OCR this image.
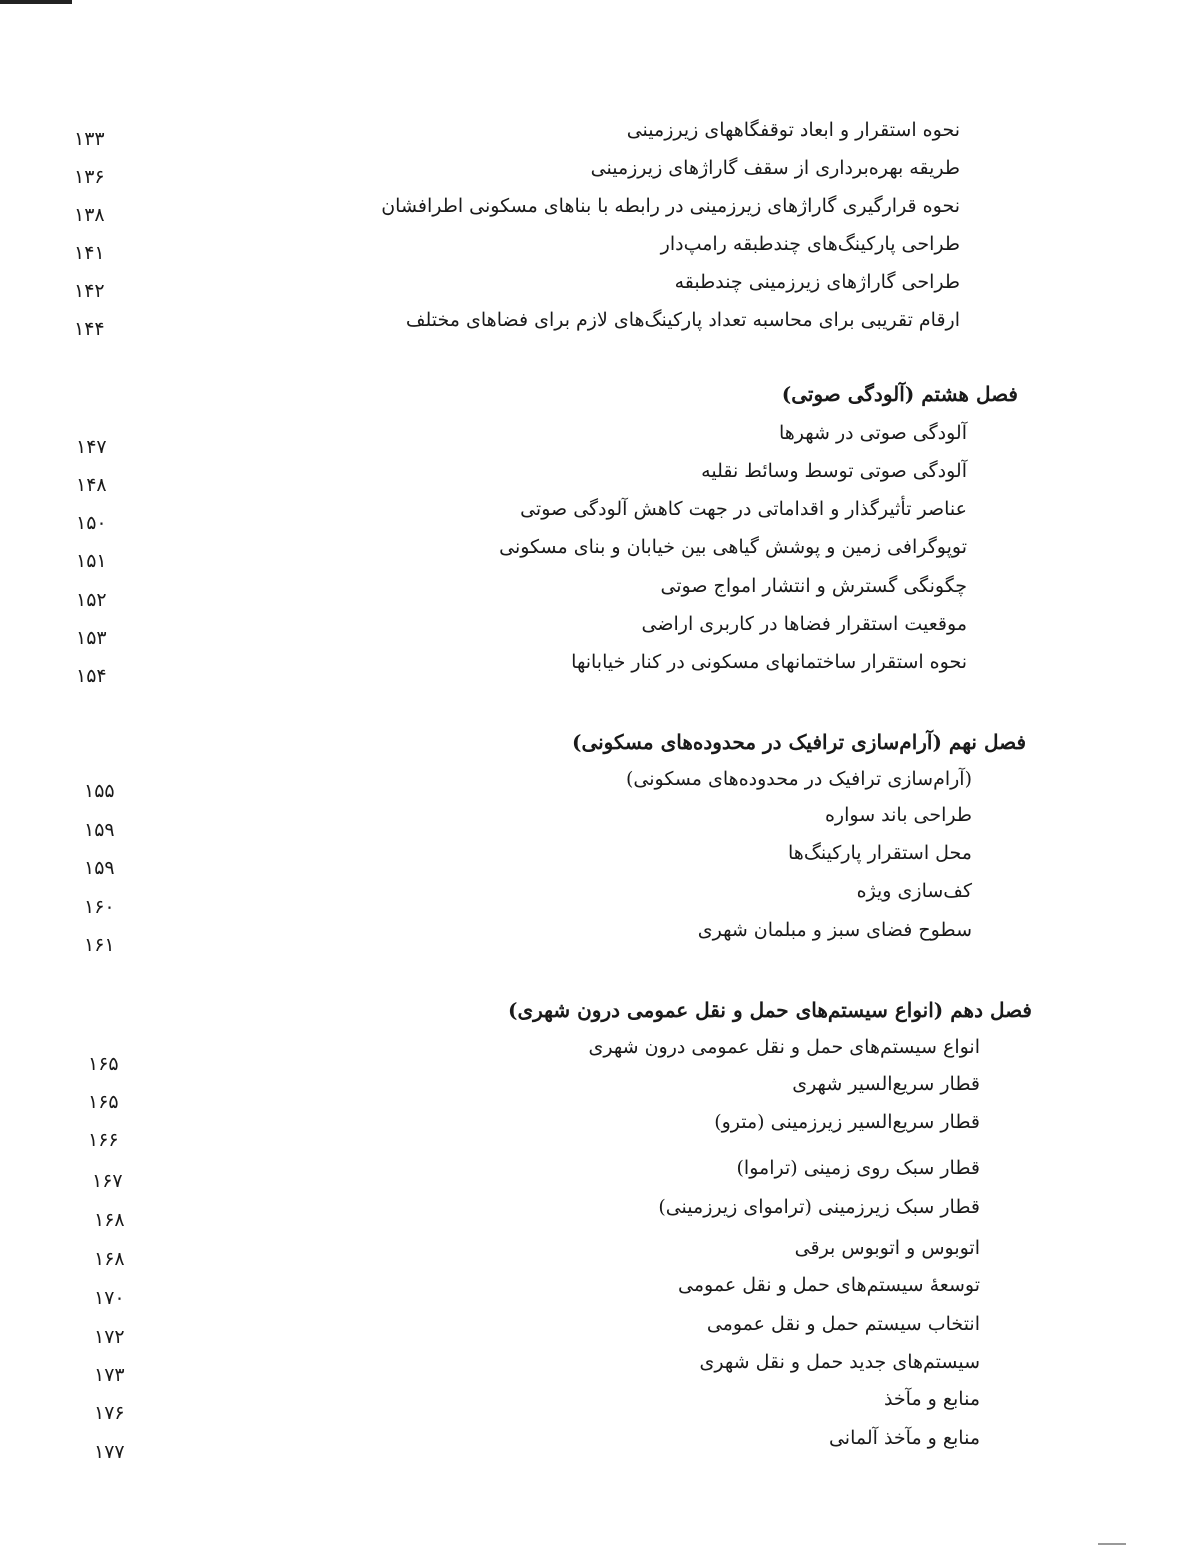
نحوه استقرار و ابعاد توقفگاههای زیرزمینی
۱۳۳
طریقه بهره‌برداری از سقف گاراژهای زیرزمینی
۱۳۶
نحوه قرارگیری گاراژهای زیرزمینی در رابطه با بناهای مسکونی اطرافشان
۱۳۸
طراحی پارکینگ‌های چندطبقه رامپ‌دار
۱۴۱
طراحی گاراژهای زیرزمینی چندطبقه
۱۴۲
ارقام تقریبی برای محاسبه تعداد پارکینگ‌های لازم برای فضاهای مختلف
۱۴۴
فصل هشتم (آلودگی صوتی)
آلودگی صوتی در شهرها
۱۴۷
آلودگی صوتی توسط وسائط نقلیه
۱۴۸
عناصر تأثیرگذار و اقداماتی در جهت کاهش آلودگی صوتی
۱۵۰
توپوگرافی زمین و پوشش گیاهی بین خیابان و بنای مسکونی
۱۵۱
چگونگی گسترش و انتشار امواج صوتی
۱۵۲
موقعیت استقرار فضاها در کاربری اراضی
۱۵۳
نحوه استقرار ساختمانهای مسکونی در کنار خیابانها
۱۵۴
فصل نهم (آرام‌سازی ترافیک در محدوده‌های مسکونی)
(آرام‌سازی ترافیک در محدوده‌های مسکونی)
۱۵۵
طراحی باند سواره
۱۵۹
محل استقرار پارکینگ‌ها
۱۵۹
کف‌سازی ویژه
۱۶۰
سطوح فضای سبز و مبلمان شهری
۱۶۱
فصل دهم (انواع سیستم‌های حمل و نقل عمومی درون شهری)
انواع سیستم‌های حمل و نقل عمومی درون شهری
۱۶۵
قطار سریع‌السیر شهری
۱۶۵
قطار سریع‌السیر زیرزمینی (مترو)
۱۶۶
قطار سبک روی زمینی (تراموا)
۱۶۷
قطار سبک زیرزمینی (ترامواى زیرزمینی)
۱۶۸
اتوبوس و اتوبوس برقی
۱۶۸
توسعهٔ سیستم‌های حمل و نقل عمومی
۱۷۰
انتخاب سیستم حمل و نقل عمومی
۱۷۲
سیستم‌های جدید حمل و نقل شهری
۱۷۳
منابع و مآخذ
۱۷۶
منابع و مآخذ آلمانی
۱۷۷
